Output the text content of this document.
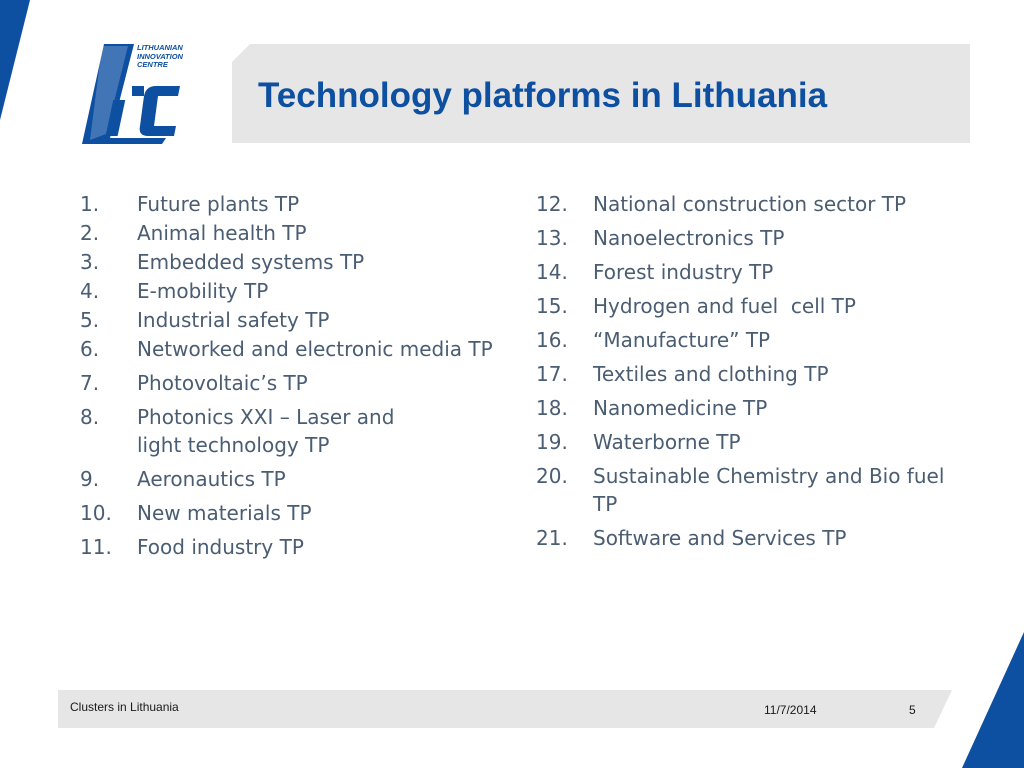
LITHUANIAN
INNOVATION
CENTRE
Technology platforms in Lithuania
1. Future plants TP
2. Animal health TP
3. Embedded systems TP
4. E-mobility TP
5. Industrial safety TP
6. Networked and electronic media TP
7. Photovoltaic’s TP
8. Photonics XXI – Laser and light technology TP
9. Aeronautics TP
10. New materials TP
11. Food industry TP
12. National construction sector TP
13. Nanoelectronics TP
14. Forest industry TP
15. Hydrogen and fuel  cell TP
16. “Manufacture” TP
17. Textiles and clothing TP
18. Nanomedicine TP
19. Waterborne TP
20. Sustainable Chemistry and Bio fuel TP
21. Software and Services TP
Clusters in Lithuania	11/7/2014	5
